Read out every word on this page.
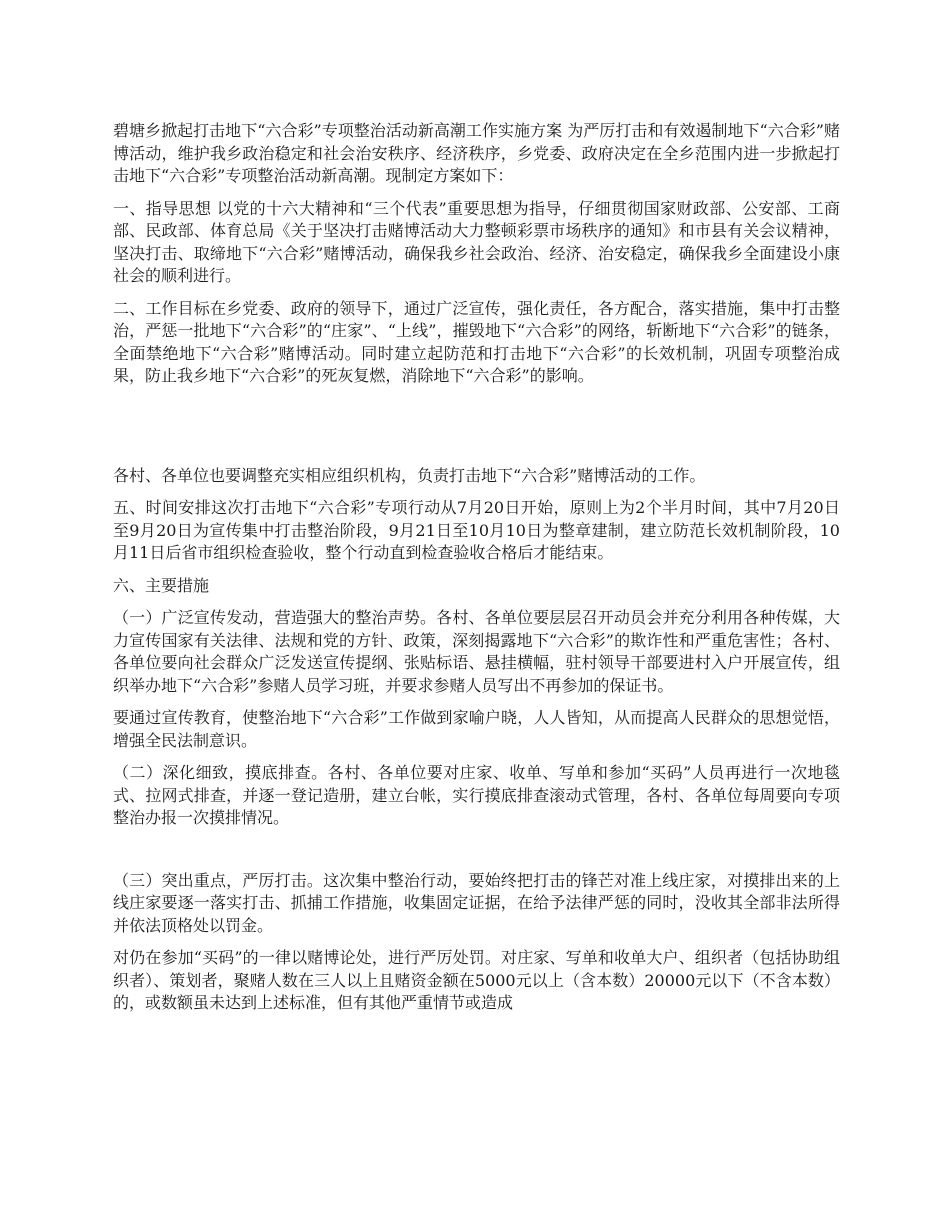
碧塘乡掀起打击地下“六合彩”专项整治活动新高潮工作实施方案 为严厉打击和有效遏制地下“六合彩”赌博活动，维护我乡政治稳定和社会治安秩序、经济秩序，乡党委、政府决定在全乡范围内进一步掀起打击地下“六合彩”专项整治活动新高潮。现制定方案如下：

一、指导思想 以党的十六大精神和“三个代表”重要思想为指导，仔细贯彻国家财政部、公安部、工商部、民政部、体育总局《关于坚决打击赌博活动大力整顿彩票市场秩序的通知》和市县有关会议精神，坚决打击、取缔地下“六合彩”赌博活动，确保我乡社会政治、经济、治安稳定，确保我乡全面建设小康社会的顺利进行。

二、工作目标在乡党委、政府的领导下，通过广泛宣传，强化责任，各方配合，落实措施，集中打击整治，严惩一批地下“六合彩”的“庄家”、“上线”，摧毁地下“六合彩”的网络，斩断地下“六合彩”的链条，全面禁绝地下“六合彩”赌博活动。同时建立起防范和打击地下“六合彩”的长效机制，巩固专项整治成果，防止我乡地下“六合彩”的死灰复燃，消除地下“六合彩”的影响。

各村、各单位也要调整充实相应组织机构，负责打击地下“六合彩”赌博活动的工作。

五、时间安排这次打击地下“六合彩”专项行动从7月20日开始，原则上为2个半月时间，其中7月20日至9月20日为宣传集中打击整治阶段，9月21日至10月10日为整章建制，建立防范长效机制阶段，10月11日后省市组织检查验收，整个行动直到检查验收合格后才能结束。

六、主要措施

（一）广泛宣传发动，营造强大的整治声势。各村、各单位要层层召开动员会并充分利用各种传媒，大力宣传国家有关法律、法规和党的方针、政策，深刻揭露地下“六合彩”的欺诈性和严重危害性；各村、各单位要向社会群众广泛发送宣传提纲、张贴标语、悬挂横幅，驻村领导干部要进村入户开展宣传，组织举办地下“六合彩”参赌人员学习班，并要求参赌人员写出不再参加的保证书。

要通过宣传教育，使整治地下“六合彩”工作做到家喻户晓，人人皆知，从而提高人民群众的思想觉悟，增强全民法制意识。

（二）深化细致，摸底排查。各村、各单位要对庄家、收单、写单和参加“买码”人员再进行一次地毯式、拉网式排查，并逐一登记造册，建立台帐，实行摸底排查滚动式管理，各村、各单位每周要向专项整治办报一次摸排情况。

（三）突出重点，严厉打击。这次集中整治行动，要始终把打击的锋芒对准上线庄家，对摸排出来的上线庄家要逐一落实打击、抓捕工作措施，收集固定证据，在给予法律严惩的同时，没收其全部非法所得并依法顶格处以罚金。

对仍在参加“买码”的一律以赌博论处，进行严厉处罚。对庄家、写单和收单大户、组织者（包括协助组织者）、策划者，聚赌人数在三人以上且赌资金额在5000元以上（含本数）20000元以下（不含本数）的，或数额虽未达到上述标准，但有其他严重情节或造成
